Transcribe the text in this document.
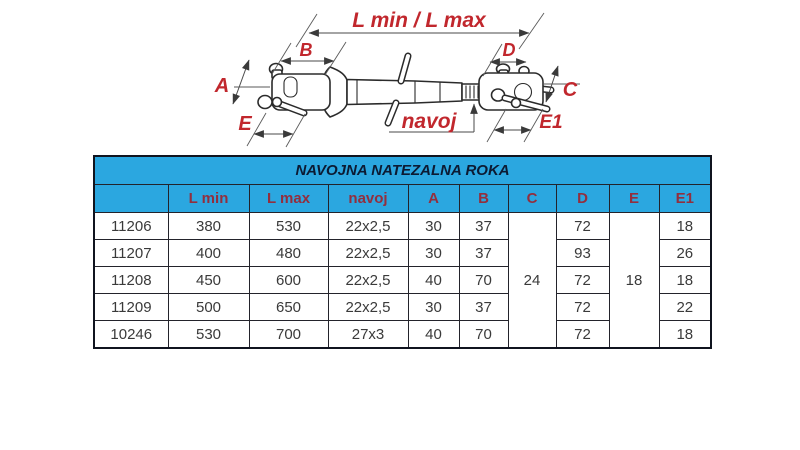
L min / L max
B	D
A	C
E	E1
navoj
NAVOJNA NATEZALNA ROKA									
	L min	L max	navoj	A	B	C	D	E	E1
11206	380	530	22x2,5	30	37	24	72	18	18
11207	400	480	22x2,5	30	37		93		26
11208	450	600	22x2,5	40	70		72		18
11209	500	650	22x2,5	30	37		72		22
10246	530	700	27x3	40	70		72		18
